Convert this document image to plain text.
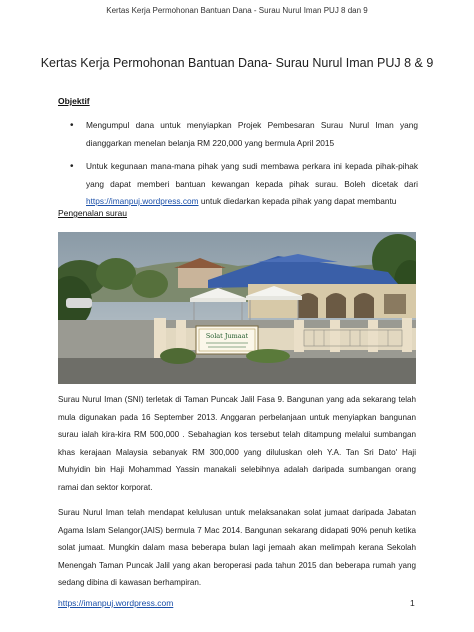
Kertas Kerja Permohonan Bantuan Dana - Surau Nurul Iman PUJ 8 dan 9
Kertas Kerja Permohonan Bantuan Dana- Surau Nurul Iman PUJ 8 & 9
Objektif
• Mengumpul dana untuk menyiapkan Projek Pembesaran Surau Nurul Iman yang dianggarkan menelan belanja RM 220,000 yang bermula April 2015
• Untuk kegunaan mana-mana pihak yang sudi membawa perkara ini kepada pihak-pihak yang dapat memberi bantuan kewangan kepada pihak surau. Boleh dicetak dari https://imanpuj.wordpress.com untuk diedarkan kepada pihak yang dapat membantu
Pengenalan surau
Solat Jumaat
Surau Nurul Iman (SNI) terletak di Taman Puncak Jalil Fasa 9. Bangunan yang ada sekarang telah mula digunakan pada 16 September 2013. Anggaran perbelanjaan untuk menyiapkan bangunan surau ialah kira-kira RM 500,000 . Sebahagian kos tersebut telah ditampung melalui sumbangan khas kerajaan Malaysia sebanyak RM 300,000 yang diluluskan oleh Y.A. Tan Sri Dato' Haji Muhyidin bin Haji Mohammad Yassin manakali selebihnya adalah daripada sumbangan orang ramai dan sektor korporat.
Surau Nurul Iman telah mendapat kelulusan untuk melaksanakan solat jumaat daripada Jabatan Agama Islam Selangor(JAIS) bermula 7 Mac 2014. Bangunan sekarang didapati 90% penuh ketika solat jumaat. Mungkin dalam masa beberapa bulan lagi jemaah akan melimpah kerana Sekolah Menengah Taman Puncak Jalil yang akan beroperasi pada tahun 2015 dan beberapa rumah yang sedang dibina di kawasan berhampiran.
https://imanpuj.wordpress.com	1
